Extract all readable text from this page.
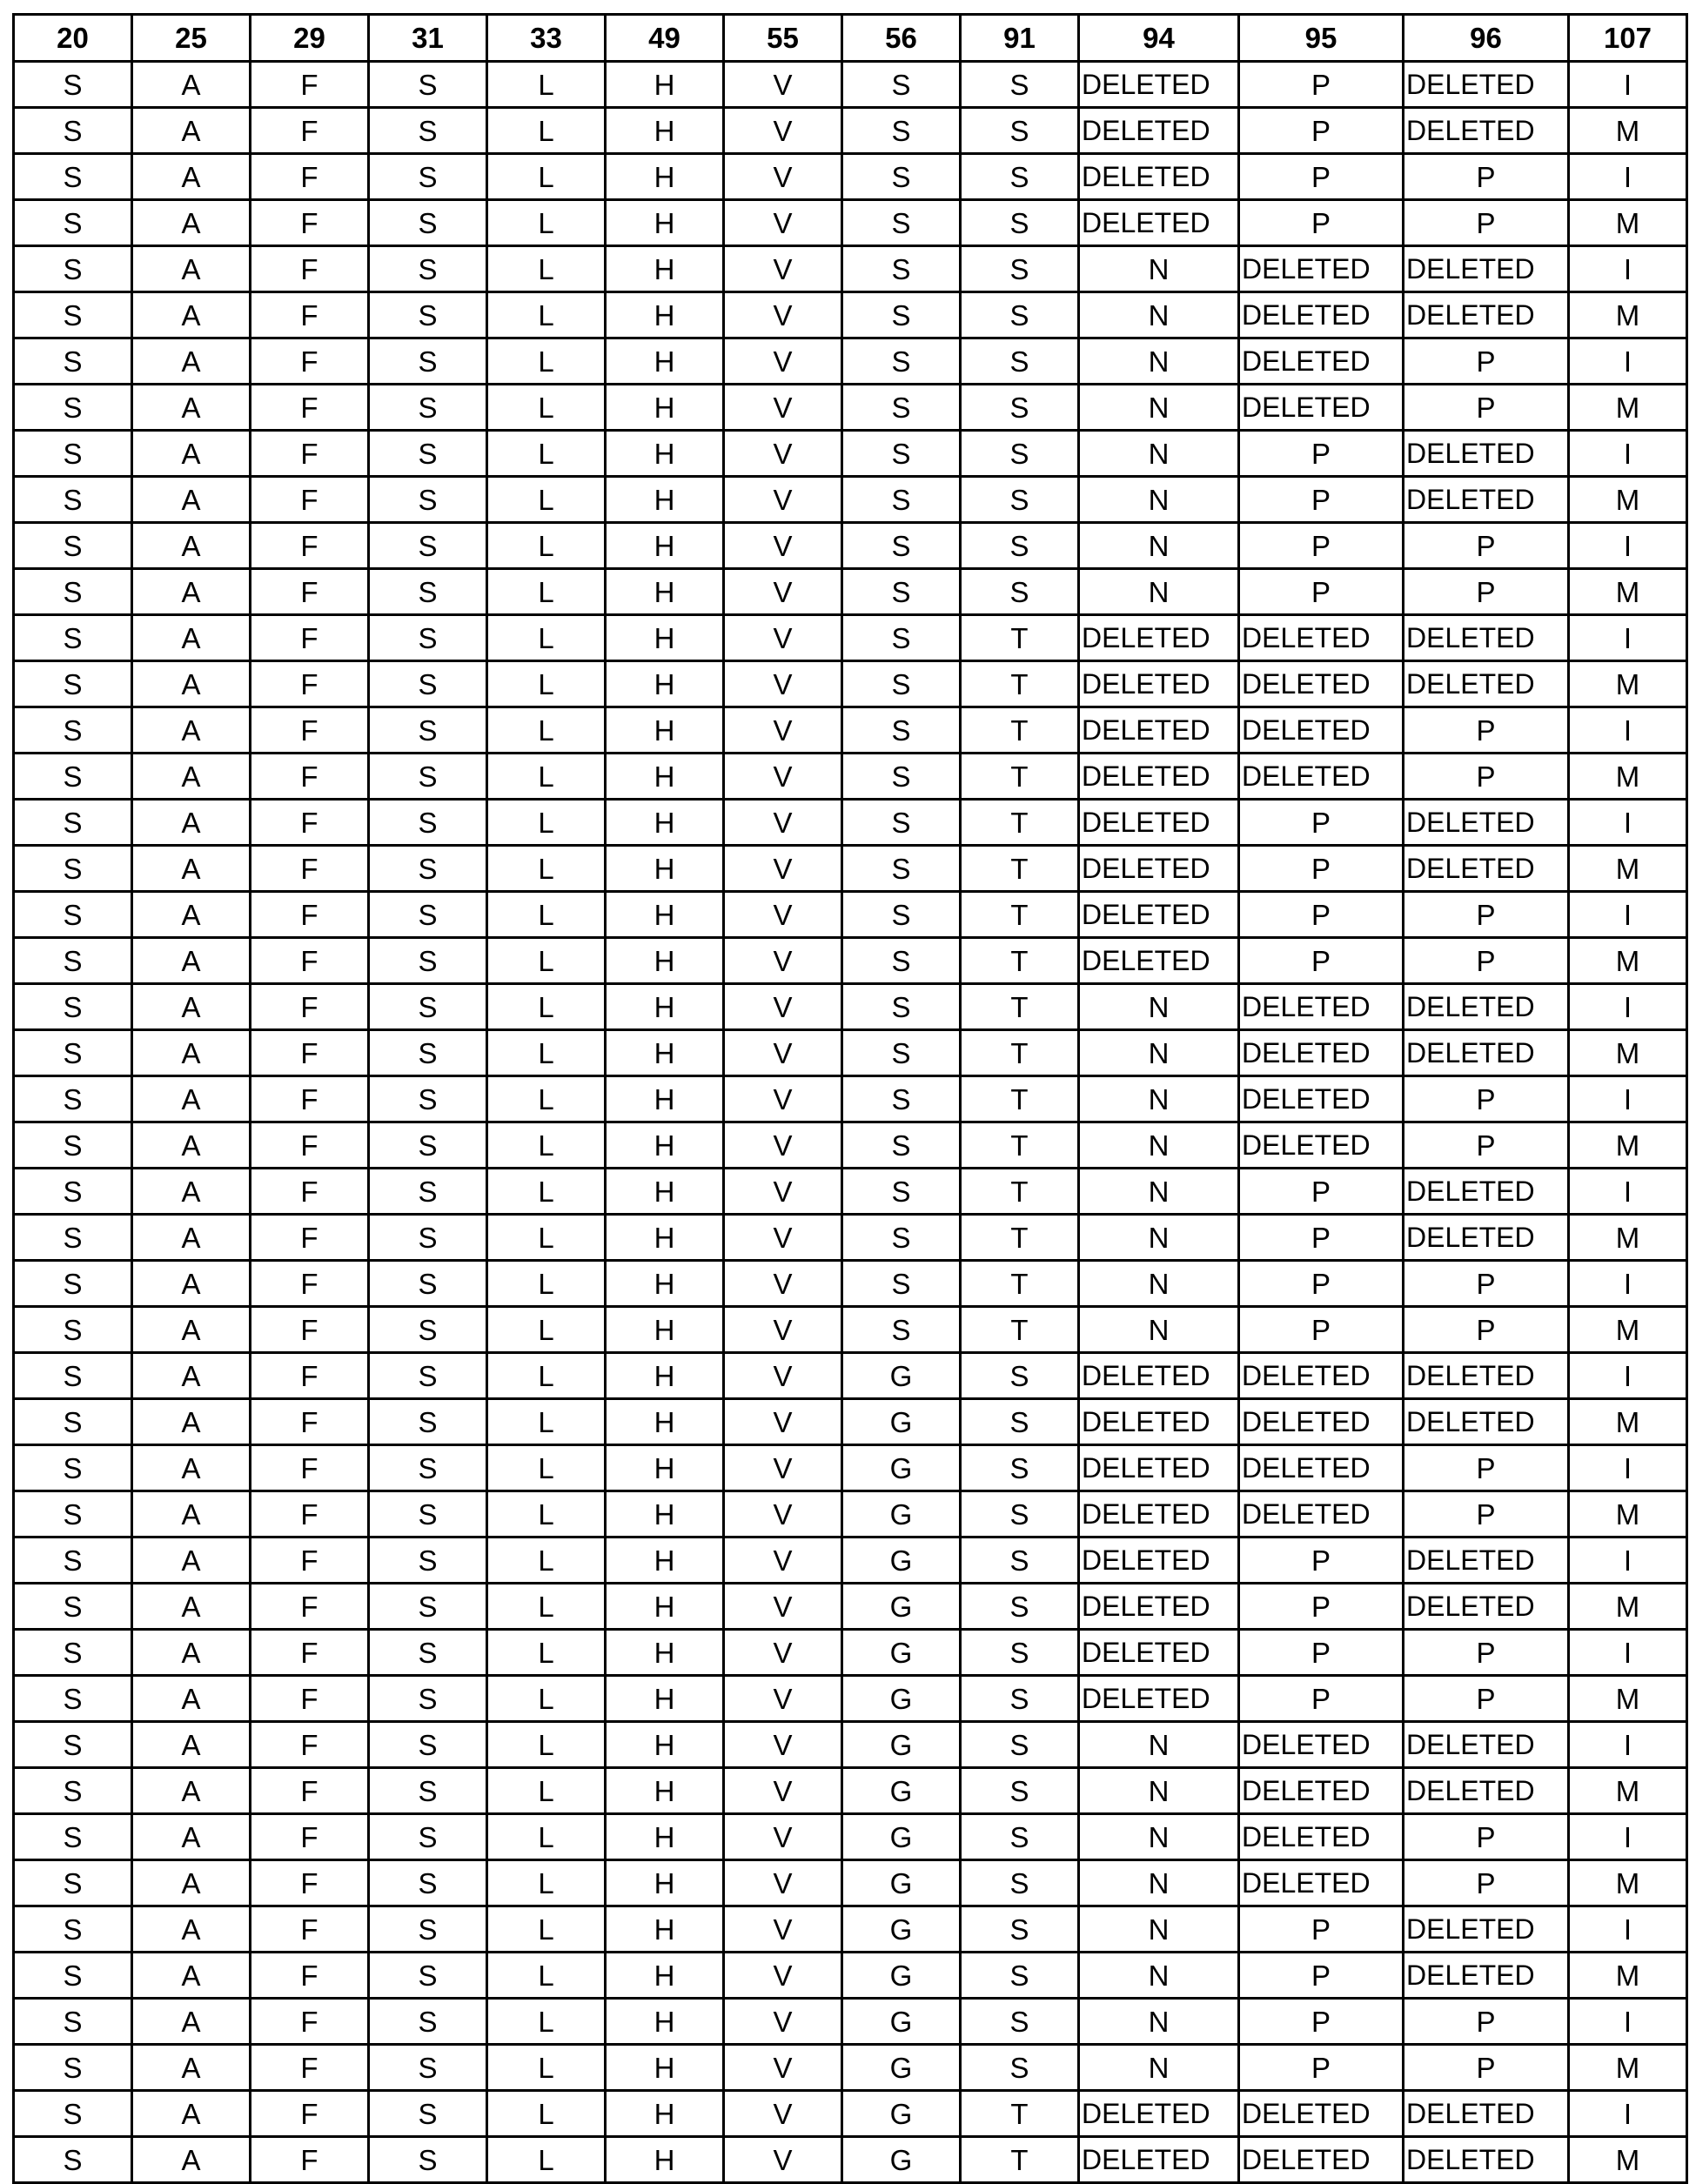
20	25	29	31	33	49	55	56	91	94	95	96	107
S	A	F	S	L	H	V	S	S	DELETED	P	DELETED	I
S	A	F	S	L	H	V	S	S	DELETED	P	DELETED	M
S	A	F	S	L	H	V	S	S	DELETED	P	P	I
S	A	F	S	L	H	V	S	S	DELETED	P	P	M
S	A	F	S	L	H	V	S	S	N	DELETED	DELETED	I
S	A	F	S	L	H	V	S	S	N	DELETED	DELETED	M
S	A	F	S	L	H	V	S	S	N	DELETED	P	I
S	A	F	S	L	H	V	S	S	N	DELETED	P	M
S	A	F	S	L	H	V	S	S	N	P	DELETED	I
S	A	F	S	L	H	V	S	S	N	P	DELETED	M
S	A	F	S	L	H	V	S	S	N	P	P	I
S	A	F	S	L	H	V	S	S	N	P	P	M
S	A	F	S	L	H	V	S	T	DELETED	DELETED	DELETED	I
S	A	F	S	L	H	V	S	T	DELETED	DELETED	DELETED	M
S	A	F	S	L	H	V	S	T	DELETED	DELETED	P	I
S	A	F	S	L	H	V	S	T	DELETED	DELETED	P	M
S	A	F	S	L	H	V	S	T	DELETED	P	DELETED	I
S	A	F	S	L	H	V	S	T	DELETED	P	DELETED	M
S	A	F	S	L	H	V	S	T	DELETED	P	P	I
S	A	F	S	L	H	V	S	T	DELETED	P	P	M
S	A	F	S	L	H	V	S	T	N	DELETED	DELETED	I
S	A	F	S	L	H	V	S	T	N	DELETED	DELETED	M
S	A	F	S	L	H	V	S	T	N	DELETED	P	I
S	A	F	S	L	H	V	S	T	N	DELETED	P	M
S	A	F	S	L	H	V	S	T	N	P	DELETED	I
S	A	F	S	L	H	V	S	T	N	P	DELETED	M
S	A	F	S	L	H	V	S	T	N	P	P	I
S	A	F	S	L	H	V	S	T	N	P	P	M
S	A	F	S	L	H	V	G	S	DELETED	DELETED	DELETED	I
S	A	F	S	L	H	V	G	S	DELETED	DELETED	DELETED	M
S	A	F	S	L	H	V	G	S	DELETED	DELETED	P	I
S	A	F	S	L	H	V	G	S	DELETED	DELETED	P	M
S	A	F	S	L	H	V	G	S	DELETED	P	DELETED	I
S	A	F	S	L	H	V	G	S	DELETED	P	DELETED	M
S	A	F	S	L	H	V	G	S	DELETED	P	P	I
S	A	F	S	L	H	V	G	S	DELETED	P	P	M
S	A	F	S	L	H	V	G	S	N	DELETED	DELETED	I
S	A	F	S	L	H	V	G	S	N	DELETED	DELETED	M
S	A	F	S	L	H	V	G	S	N	DELETED	P	I
S	A	F	S	L	H	V	G	S	N	DELETED	P	M
S	A	F	S	L	H	V	G	S	N	P	DELETED	I
S	A	F	S	L	H	V	G	S	N	P	DELETED	M
S	A	F	S	L	H	V	G	S	N	P	P	I
S	A	F	S	L	H	V	G	S	N	P	P	M
S	A	F	S	L	H	V	G	T	DELETED	DELETED	DELETED	I
S	A	F	S	L	H	V	G	T	DELETED	DELETED	DELETED	M
